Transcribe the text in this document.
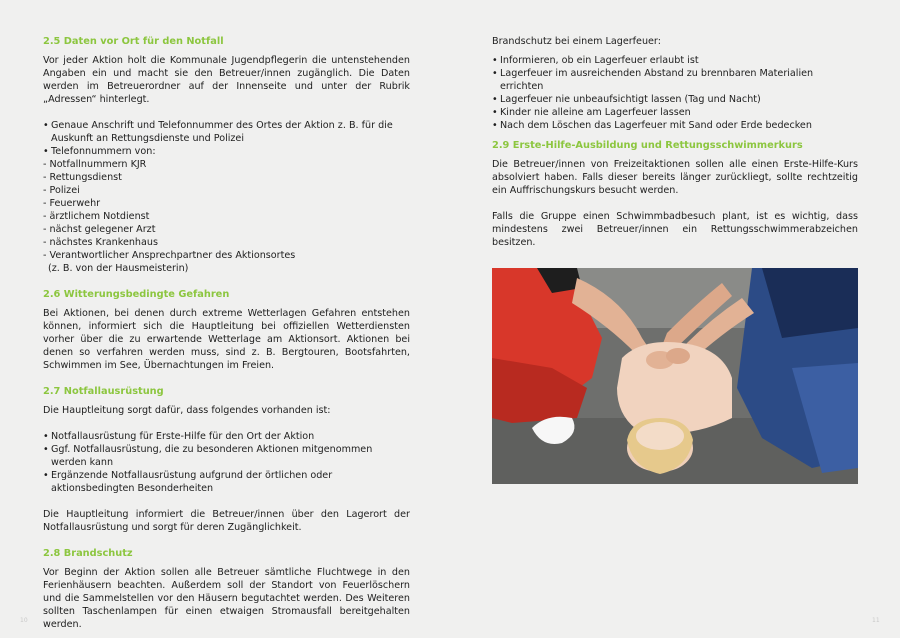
2.5 Daten vor Ort für den Notfall
Vor jeder Aktion holt die Kommunale Jugendpflegerin die untenstehenden Angaben ein und macht sie den Betreuer/innen zugänglich. Die Daten werden im Betreuerordner auf der Innenseite und unter der Rubrik „Adressen“ hinterlegt.
• Genaue Anschrift und Telefonnummer des Ortes der Aktion z. B. für die Auskunft an Rettungsdienste und Polizei
• Telefonnummern von:
- Notfallnummern KJR
- Rettungsdienst
- Polizei
- Feuerwehr
- ärztlichem Notdienst
- nächst gelegener Arzt
- nächstes Krankenhaus
- Verantwortlicher Ansprechpartner des Aktionsortes
(z. B. von der Hausmeisterin)
2.6 Witterungsbedingte Gefahren
Bei Aktionen, bei denen durch extreme Wetterlagen Gefahren entstehen können, informiert sich die Hauptleitung bei offiziellen Wetterdiensten vorher über die zu erwartende Wetterlage am Aktionsort. Aktionen bei denen so verfahren werden muss, sind z. B. Bergtouren, Bootsfahrten, Schwimmen im See, Übernachtungen im Freien.
2.7 Notfallausrüstung
Die Hauptleitung sorgt dafür, dass folgendes vorhanden ist:
• Notfallausrüstung für Erste-Hilfe für den Ort der Aktion
• Ggf. Notfallausrüstung, die zu besonderen Aktionen mitgenommen werden kann
• Ergänzende Notfallausrüstung aufgrund der örtlichen oder aktionsbedingten Besonderheiten
Die Hauptleitung informiert die Betreuer/innen über den Lagerort der Notfallausrüstung und sorgt für deren Zugänglichkeit.
2.8 Brandschutz
Vor Beginn der Aktion sollen alle Betreuer sämtliche Fluchtwege in den Ferienhäusern beachten. Außerdem soll der Standort von Feuerlöschern und die Sammelstellen vor den Häusern begutachtet werden. Des Weiteren sollten Taschenlampen für einen etwaigen Stromausfall bereitgehalten werden.
Brandschutz bei einem Lagerfeuer:
• Informieren, ob ein Lagerfeuer erlaubt ist
• Lagerfeuer im ausreichenden Abstand zu brennbaren Materialien errichten
• Lagerfeuer nie unbeaufsichtigt lassen (Tag und Nacht)
• Kinder nie alleine am Lagerfeuer lassen
• Nach dem Löschen das Lagerfeuer mit Sand oder Erde bedecken
2.9 Erste-Hilfe-Ausbildung und Rettungsschwimmerkurs
Die Betreuer/innen von Freizeitaktionen sollen alle einen Erste-Hilfe-Kurs absolviert haben. Falls dieser bereits länger zurückliegt, sollte rechtzeitig ein Auffrischungskurs besucht werden.
Falls die Gruppe einen Schwimmbadbesuch plant, ist es wichtig, dass mindestens zwei Betreuer/innen ein Rettungsschwimmerabzeichen besitzen.
10	11
